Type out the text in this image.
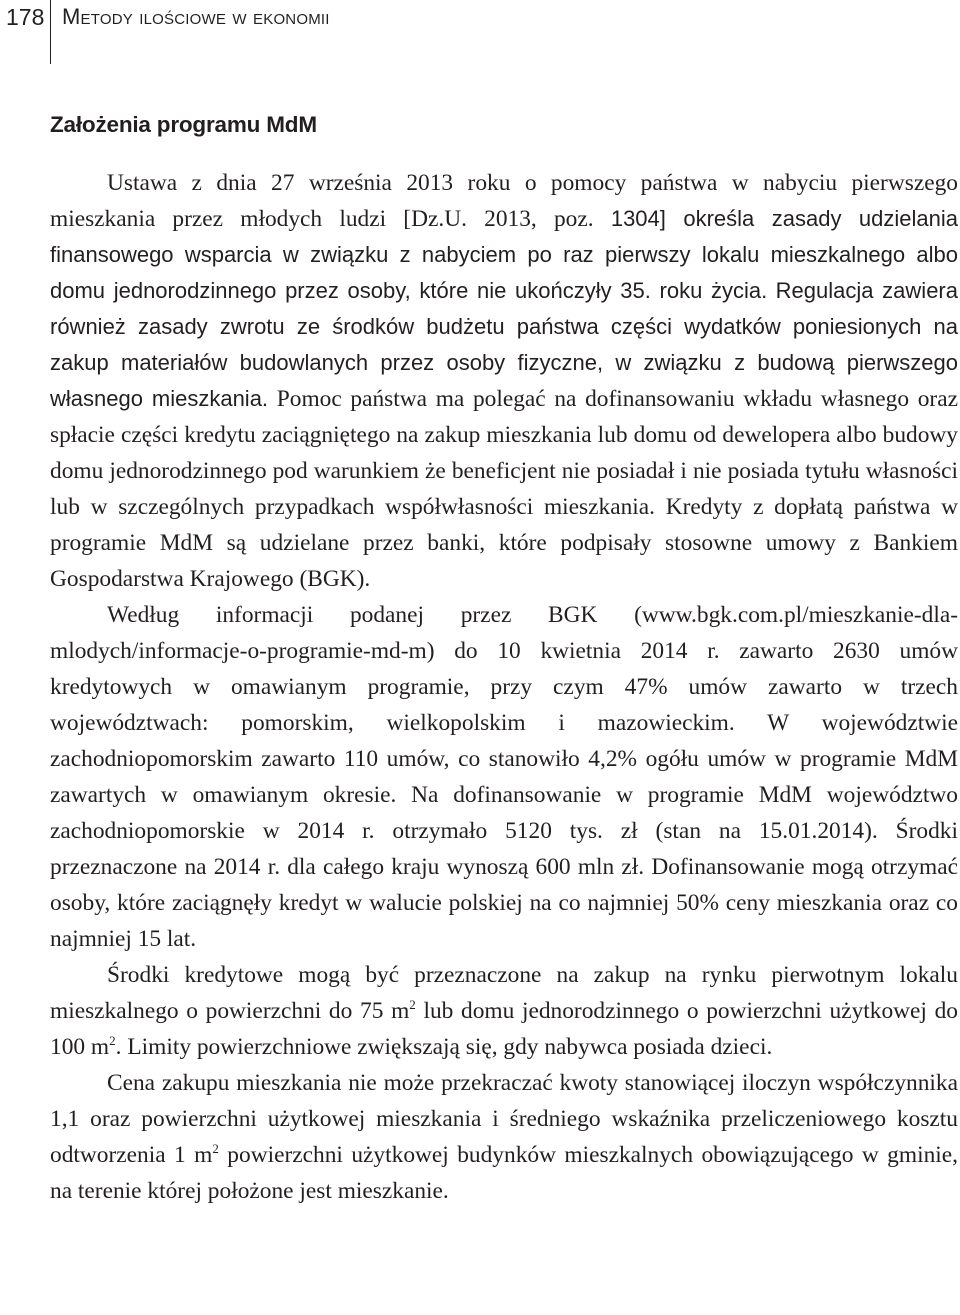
178 Metody ilościowe w ekonomii
Założenia programu MdM

Ustawa z dnia 27 września 2013 roku o pomocy państwa w nabyciu pierwszego mieszkania przez młodych ludzi [Dz.U. 2013, poz. 1304] określa zasady udzielania finansowego wsparcia w związku z nabyciem po raz pierwszy lokalu mieszkalnego albo domu jednorodzinnego przez osoby, które nie ukończyły 35. roku życia. Regulacja zawiera również zasady zwrotu ze środków budżetu państwa części wydatków poniesionych na zakup materiałów budowlanych przez osoby fizyczne, w związku z budową pierwszego własnego mieszkania. Pomoc państwa ma polegać na dofinansowaniu wkładu własnego oraz spłacie części kredytu zaciągniętego na zakup mieszkania lub domu od dewelopera albo budowy domu jednorodzinnego pod warunkiem że beneficjent nie posiadał i nie posiada tytułu własności lub w szczególnych przypadkach współwłasności mieszkania. Kredyty z dopłatą państwa w programie MdM są udzielane przez banki, które podpisały stosowne umowy z Bankiem Gospodarstwa Krajowego (BGK).

Według informacji podanej przez BGK (www.bgk.com.pl/mieszkanie-dla-mlodych/informacje-o-programie-md-m) do 10 kwietnia 2014 r. zawarto 2630 umów kredytowych w omawianym programie, przy czym 47% umów zawarto w trzech województwach: pomorskim, wielkopolskim i mazowieckim. W województwie zachodniopomorskim zawarto 110 umów, co stanowiło 4,2% ogółu umów w programie MdM zawartych w omawianym okresie. Na dofinansowanie w programie MdM województwo zachodniopomorskie w 2014 r. otrzymało 5120 tys. zł (stan na 15.01.2014). Środki przeznaczone na 2014 r. dla całego kraju wynoszą 600 mln zł. Dofinansowanie mogą otrzymać osoby, które zaciągnęły kredyt w walucie polskiej na co najmniej 50% ceny mieszkania oraz co najmniej 15 lat.

Środki kredytowe mogą być przeznaczone na zakup na rynku pierwotnym lokalu mieszkalnego o powierzchni do 75 $m^2$ lub domu jednorodzinnego o powierzchni użytkowej do 100 $m^2$. Limity powierzchniowe zwiększają się, gdy nabywca posiada dzieci.

Cena zakupu mieszkania nie może przekraczać kwoty stanowiącej iloczyn współczynnika 1,1 oraz powierzchni użytkowej mieszkania i średniego wskaźnika przeliczeniowego kosztu odtworzenia 1 $m^2$ powierzchni użytkowej budynków mieszkalnych obowiązującego w gminie, na terenie której położone jest mieszkanie.
